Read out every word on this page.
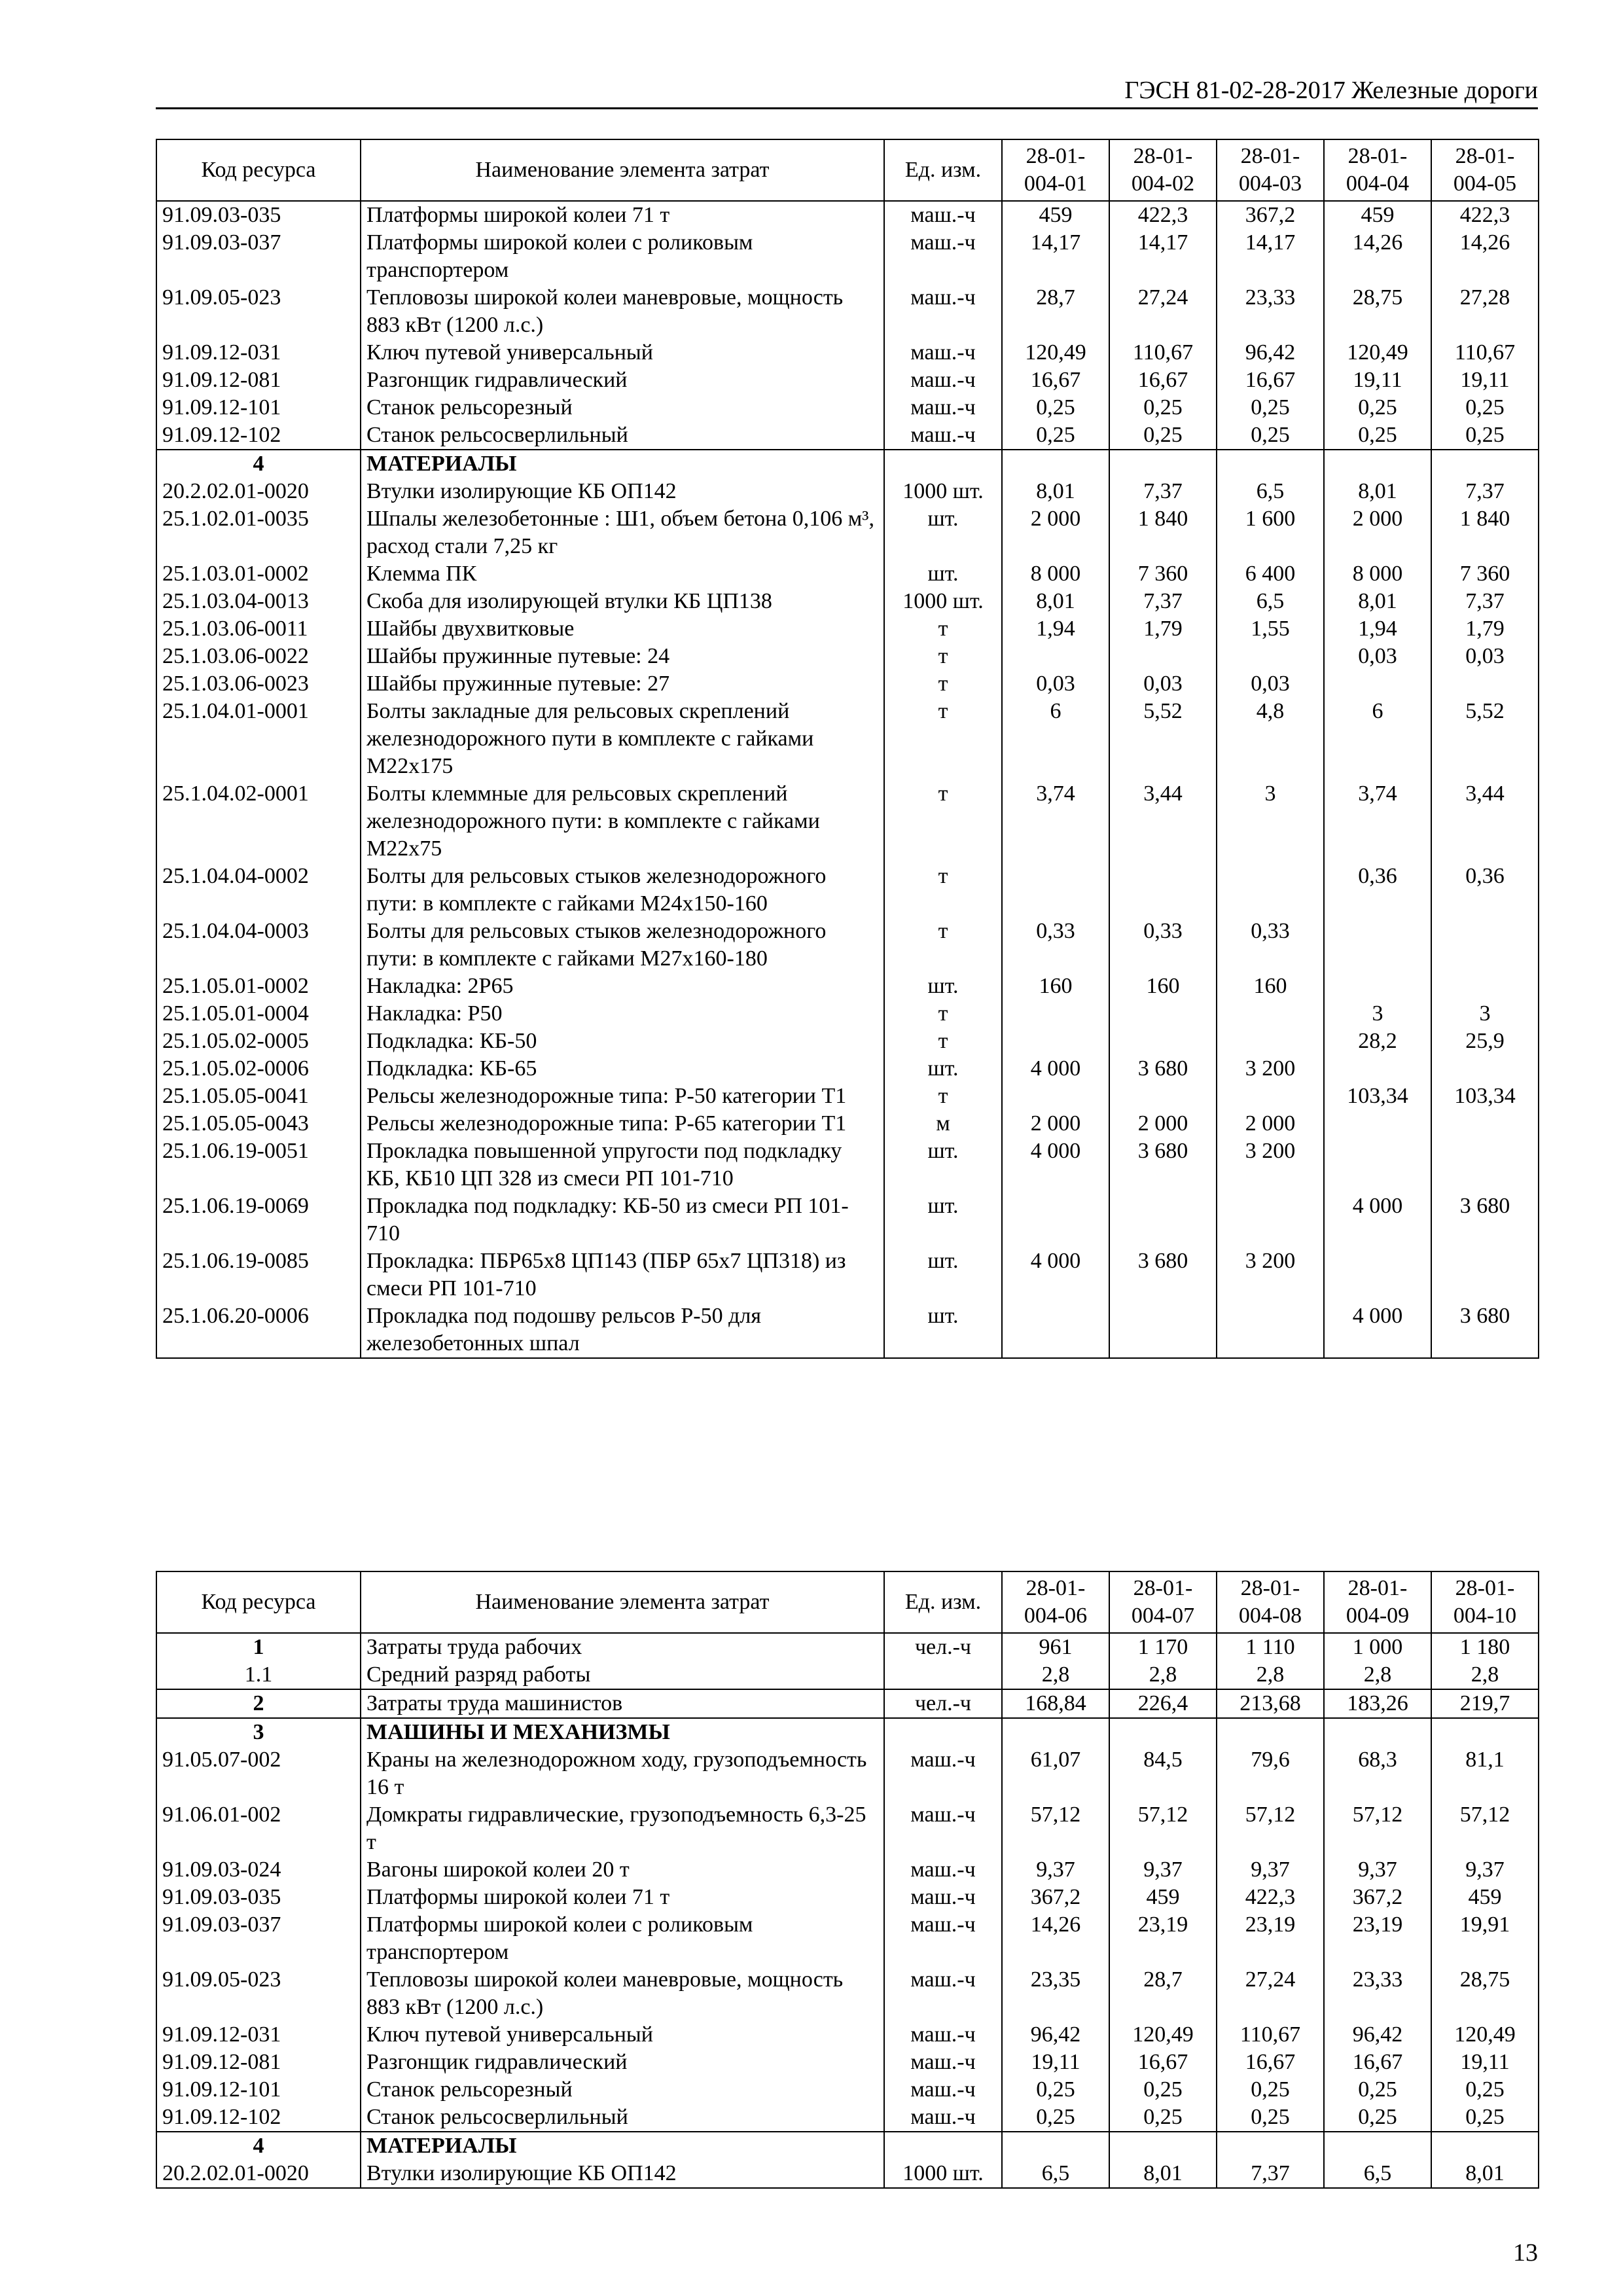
ГЭСН 81-02-28-2017 Железные дороги
Код ресурса	Наименование элемента затрат	Ед. изм.	28-01-004-01	28-01-004-02	28-01-004-03	28-01-004-04	28-01-004-05
91.09.03-035	Платформы широкой колеи 71 т	маш.-ч	459	422,3	367,2	459	422,3
91.09.03-037	Платформы широкой колеи с роликовым транспортером	маш.-ч	14,17	14,17	14,17	14,26	14,26
91.09.05-023	Тепловозы широкой колеи маневровые, мощность 883 кВт (1200 л.с.)	маш.-ч	28,7	27,24	23,33	28,75	27,28
91.09.12-031	Ключ путевой универсальный	маш.-ч	120,49	110,67	96,42	120,49	110,67
91.09.12-081	Разгонщик гидравлический	маш.-ч	16,67	16,67	16,67	19,11	19,11
91.09.12-101	Станок рельсорезный	маш.-ч	0,25	0,25	0,25	0,25	0,25
91.09.12-102	Станок рельсосверлильный	маш.-ч	0,25	0,25	0,25	0,25	0,25
4	МАТЕРИАЛЫ						
20.2.02.01-0020	Втулки изолирующие КБ ОП142	1000 шт.	8,01	7,37	6,5	8,01	7,37
25.1.02.01-0035	Шпалы железобетонные : Ш1, объем бетона 0,106 м³, расход стали 7,25 кг	шт.	2 000	1 840	1 600	2 000	1 840
25.1.03.01-0002	Клемма ПК	шт.	8 000	7 360	6 400	8 000	7 360
25.1.03.04-0013	Скоба для изолирующей втулки КБ ЦП138	1000 шт.	8,01	7,37	6,5	8,01	7,37
25.1.03.06-0011	Шайбы двухвитковые	т	1,94	1,79	1,55	1,94	1,79
25.1.03.06-0022	Шайбы пружинные путевые: 24	т				0,03	0,03
25.1.03.06-0023	Шайбы пружинные путевые: 27	т	0,03	0,03	0,03		
25.1.04.01-0001	Болты закладные для рельсовых скреплений железнодорожного пути в комплекте с гайками М22х175	т	6	5,52	4,8	6	5,52
25.1.04.02-0001	Болты клеммные для рельсовых скреплений железнодорожного пути: в комплекте с гайками М22х75	т	3,74	3,44	3	3,74	3,44
25.1.04.04-0002	Болты для рельсовых стыков железнодорожного пути: в комплекте с гайками М24х150-160	т				0,36	0,36
25.1.04.04-0003	Болты для рельсовых стыков железнодорожного пути: в комплекте с гайками М27х160-180	т	0,33	0,33	0,33		
25.1.05.01-0002	Накладка: 2Р65	шт.	160	160	160		
25.1.05.01-0004	Накладка: Р50	т				3	3
25.1.05.02-0005	Подкладка: КБ-50	т				28,2	25,9
25.1.05.02-0006	Подкладка: КБ-65	шт.	4 000	3 680	3 200		
25.1.05.05-0041	Рельсы железнодорожные типа: Р-50 категории Т1	т				103,34	103,34
25.1.05.05-0043	Рельсы железнодорожные типа: Р-65 категории Т1	м	2 000	2 000	2 000		
25.1.06.19-0051	Прокладка повышенной упругости под подкладку КБ, КБ10 ЦП 328 из смеси РП 101-710	шт.	4 000	3 680	3 200		
25.1.06.19-0069	Прокладка под подкладку: КБ-50 из смеси РП 101-710	шт.				4 000	3 680
25.1.06.19-0085	Прокладка: ПБР65х8 ЦП143 (ПБР 65х7 ЦП318) из смеси РП 101-710	шт.	4 000	3 680	3 200		
25.1.06.20-0006	Прокладка под подошву рельсов Р-50 для железобетонных шпал	шт.				4 000	3 680
Код ресурса	Наименование элемента затрат	Ед. изм.	28-01-004-06	28-01-004-07	28-01-004-08	28-01-004-09	28-01-004-10
1	Затраты труда рабочих	чел.-ч	961	1 170	1 110	1 000	1 180
1.1	Средний разряд работы		2,8	2,8	2,8	2,8	2,8
2	Затраты труда машинистов	чел.-ч	168,84	226,4	213,68	183,26	219,7
3	МАШИНЫ И МЕХАНИЗМЫ						
91.05.07-002	Краны на железнодорожном ходу, грузоподъемность 16 т	маш.-ч	61,07	84,5	79,6	68,3	81,1
91.06.01-002	Домкраты гидравлические, грузоподъемность 6,3-25 т	маш.-ч	57,12	57,12	57,12	57,12	57,12
91.09.03-024	Вагоны широкой колеи 20 т	маш.-ч	9,37	9,37	9,37	9,37	9,37
91.09.03-035	Платформы широкой колеи 71 т	маш.-ч	367,2	459	422,3	367,2	459
91.09.03-037	Платформы широкой колеи с роликовым транспортером	маш.-ч	14,26	23,19	23,19	23,19	19,91
91.09.05-023	Тепловозы широкой колеи маневровые, мощность 883 кВт (1200 л.с.)	маш.-ч	23,35	28,7	27,24	23,33	28,75
91.09.12-031	Ключ путевой универсальный	маш.-ч	96,42	120,49	110,67	96,42	120,49
91.09.12-081	Разгонщик гидравлический	маш.-ч	19,11	16,67	16,67	16,67	19,11
91.09.12-101	Станок рельсорезный	маш.-ч	0,25	0,25	0,25	0,25	0,25
91.09.12-102	Станок рельсосверлильный	маш.-ч	0,25	0,25	0,25	0,25	0,25
4	МАТЕРИАЛЫ						
20.2.02.01-0020	Втулки изолирующие КБ ОП142	1000 шт.	6,5	8,01	7,37	6,5	8,01
13
